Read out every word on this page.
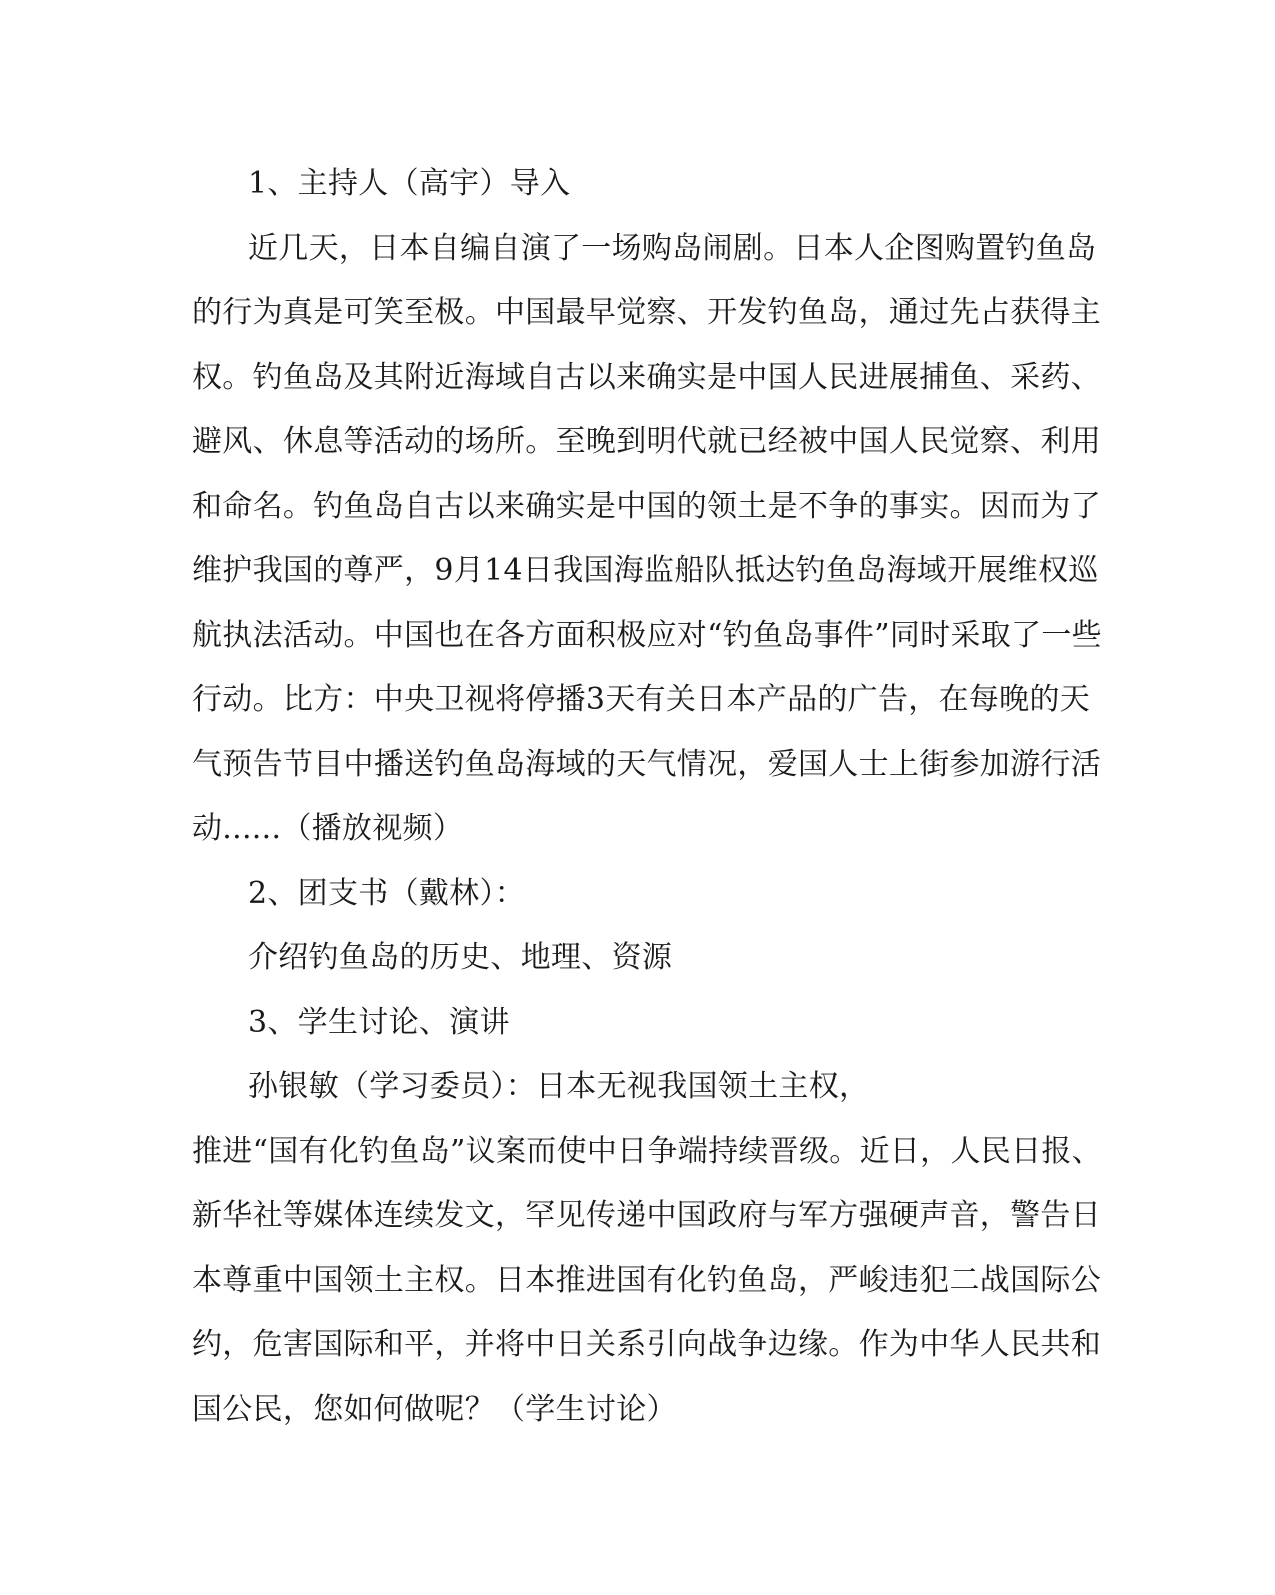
1、主持人（高宇）导入
近几天，日本自编自演了一场购岛闹剧。日本人企图购置钓鱼岛
的行为真是可笑至极。中国最早觉察、开发钓鱼岛，通过先占获得主
权。钓鱼岛及其附近海域自古以来确实是中国人民进展捕鱼、采药、
避风、休息等活动的场所。至晚到明代就已经被中国人民觉察、利用
和命名。钓鱼岛自古以来确实是中国的领土是不争的事实。因而为了
维护我国的尊严，9月14日我国海监船队抵达钓鱼岛海域开展维权巡
航执法活动。中国也在各方面积极应对“钓鱼岛事件”同时采取了一些
行动。比方：中央卫视将停播3天有关日本产品的广告，在每晚的天
气预告节目中播送钓鱼岛海域的天气情况，爱国人士上街参加游行活
动......（播放视频）
2、团支书（戴林）：
介绍钓鱼岛的历史、地理、资源
3、学生讨论、演讲
孙银敏（学习委员）：日本无视我国领土主权，
推进“国有化钓鱼岛”议案而使中日争端持续晋级。近日，人民日报、
新华社等媒体连续发文，罕见传递中国政府与军方强硬声音，警告日
本尊重中国领土主权。日本推进国有化钓鱼岛，严峻违犯二战国际公
约，危害国际和平，并将中日关系引向战争边缘。作为中华人民共和
国公民，您如何做呢？（学生讨论）
